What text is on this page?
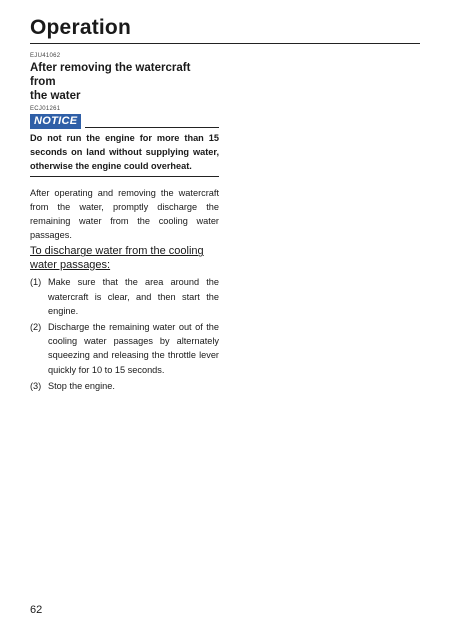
Operation

EJU41062

After removing the watercraft from
the water

ECJ01261

NOTICE

Do not run the engine for more than 15 seconds on land without supplying water, otherwise the engine could overheat.

After operating and removing the watercraft from the water, promptly discharge the remaining water from the cooling water passages.

To discharge water from the cooling water passages:

(1) Make sure that the area around the watercraft is clear, and then start the engine.
(2) Discharge the remaining water out of the cooling water passages by alternately squeezing and releasing the throttle lever quickly for 10 to 15 seconds.
(3) Stop the engine.
62
